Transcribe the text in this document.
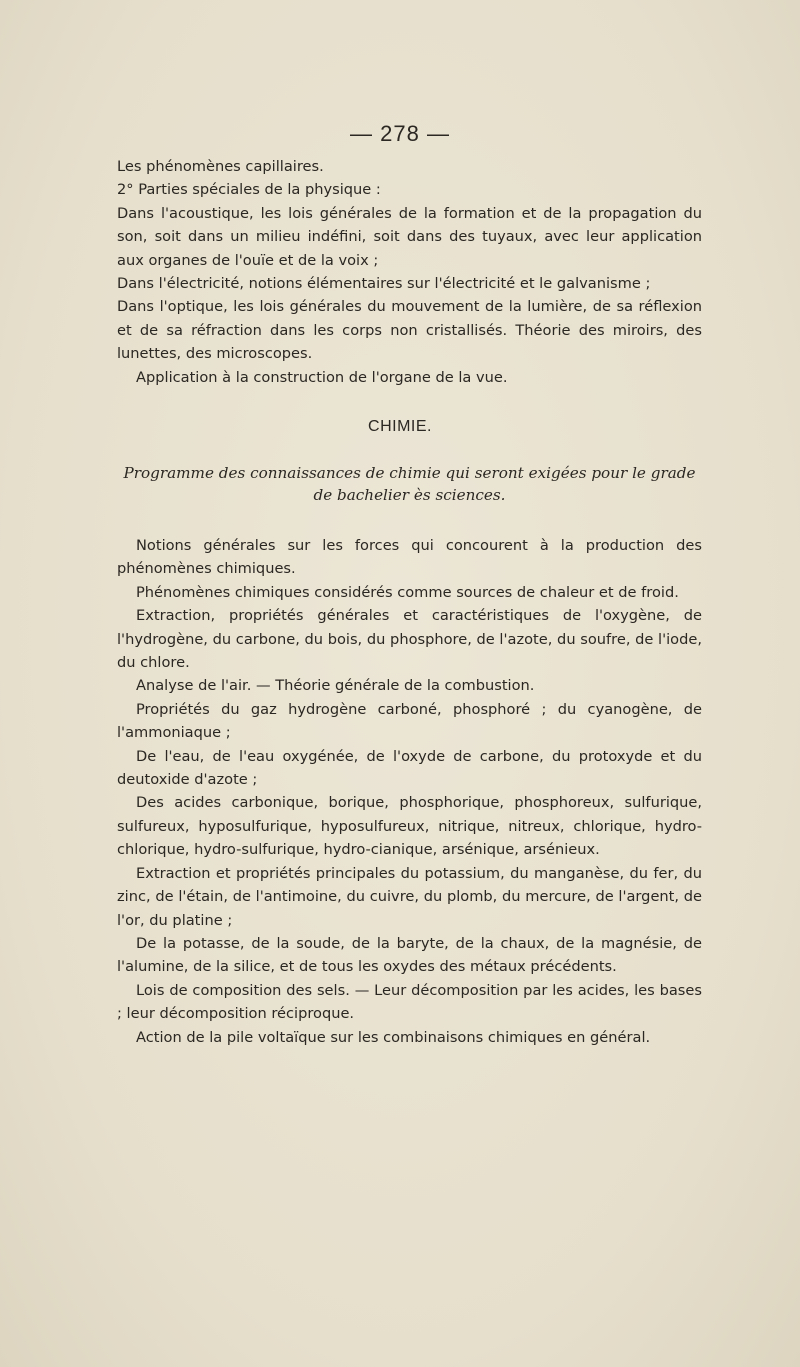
— 278 —

Les phénomènes capillaires.

2° Parties spéciales de la physique :

Dans l'acoustique, les lois générales de la formation et de la propagation du son, soit dans un milieu indéfini, soit dans des tuyaux, avec leur application aux organes de l'ouïe et de la voix ;

Dans l'électricité, notions élémentaires sur l'électricité et le galvanisme ;

Dans l'optique, les lois générales du mouvement de la lumière, de sa réflexion et de sa réfraction dans les corps non cristallisés. Théorie des miroirs, des lunettes, des microscopes.

Application à la construction de l'organe de la vue.

CHIMIE.
Programme des connaissances de chimie qui seront exigées pour le grade de bachelier ès sciences.

Notions générales sur les forces qui concourent à la production des phénomènes chimiques.

Phénomènes chimiques considérés comme sources de chaleur et de froid.

Extraction, propriétés générales et caractéristiques de l'oxygène, de l'hydrogène, du carbone, du bois, du phosphore, de l'azote, du soufre, de l'iode, du chlore.

Analyse de l'air. — Théorie générale de la combustion.

Propriétés du gaz hydrogène carboné, phosphoré ; du cyanogène, de l'ammoniaque ;

De l'eau, de l'eau oxygénée, de l'oxyde de carbone, du protoxyde et du deutoxide d'azote ;

Des acides carbonique, borique, phosphorique, phosphoreux, sulfurique, sulfureux, hyposulfurique, hyposulfureux, nitrique, nitreux, chlorique, hydro-chlorique, hydro-sulfurique, hydro-cianique, arsénique, arsénieux.

Extraction et propriétés principales du potassium, du manganèse, du fer, du zinc, de l'étain, de l'antimoine, du cuivre, du plomb, du mercure, de l'argent, de l'or, du platine ;

De la potasse, de la soude, de la baryte, de la chaux, de la magnésie, de l'alumine, de la silice, et de tous les oxydes des métaux précédents.

Lois de composition des sels. — Leur décomposition par les acides, les bases ; leur décomposition réciproque.

Action de la pile voltaïque sur les combinaisons chimiques en général.
